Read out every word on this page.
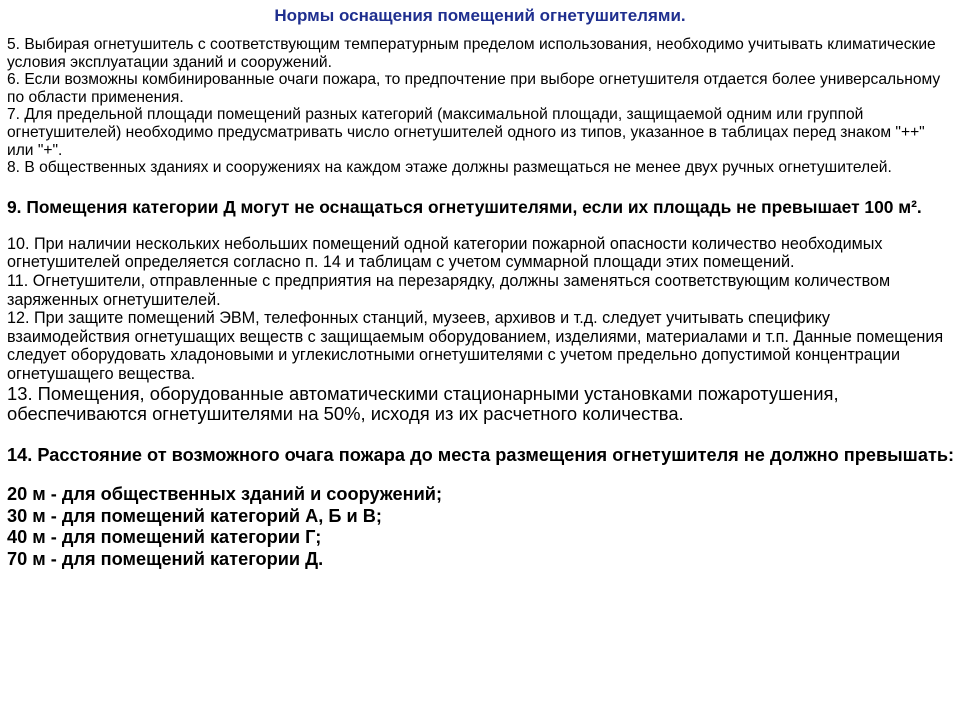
Нормы оснащения помещений огнетушителями.

5. Выбирая огнетушитель с соответствующим температурным пределом использования, необходимо учитывать климатические условия эксплуатации зданий и сооружений.

6. Если возможны комбинированные очаги пожара, то предпочтение при выборе огнетушителя отдается более универсальному по области применения.

7. Для предельной площади помещений разных категорий (максимальной площади, защищаемой одним или группой огнетушителей) необходимо предусматривать число огнетушителей одного из типов, указанное в таблицах перед знаком "++" или "+".

8. В общественных зданиях и сооружениях на каждом этаже должны размещаться не менее двух ручных огнетушителей.

9. Помещения категории Д могут не оснащаться огнетушителями, если их площадь не превышает 100 м².

10. При наличии нескольких небольших помещений одной категории пожарной опасности количество необходимых огнетушителей определяется согласно п. 14 и таблицам с учетом суммарной площади этих помещений.

11. Огнетушители, отправленные с предприятия на перезарядку, должны заменяться соответствующим количеством заряженных огнетушителей.

12. При защите помещений ЭВМ, телефонных станций, музеев, архивов и т.д. следует учитывать специфику взаимодействия огнетушащих веществ с защищаемым оборудованием, изделиями, материалами и т.п. Данные помещения следует оборудовать хладоновыми и углекислотными огнетушителями с учетом предельно допустимой концентрации огнетушащего вещества.

13. Помещения, оборудованные автоматическими стационарными установками пожаротушения, обеспечиваются огнетушителями на 50%, исходя из их расчетного количества.

14. Расстояние от возможного очага пожара до места размещения огнетушителя не должно превышать:

20 м - для общественных зданий и сооружений;
30 м - для помещений категорий А, Б и В;
40 м - для помещений категории Г;
70 м - для помещений категории Д.
